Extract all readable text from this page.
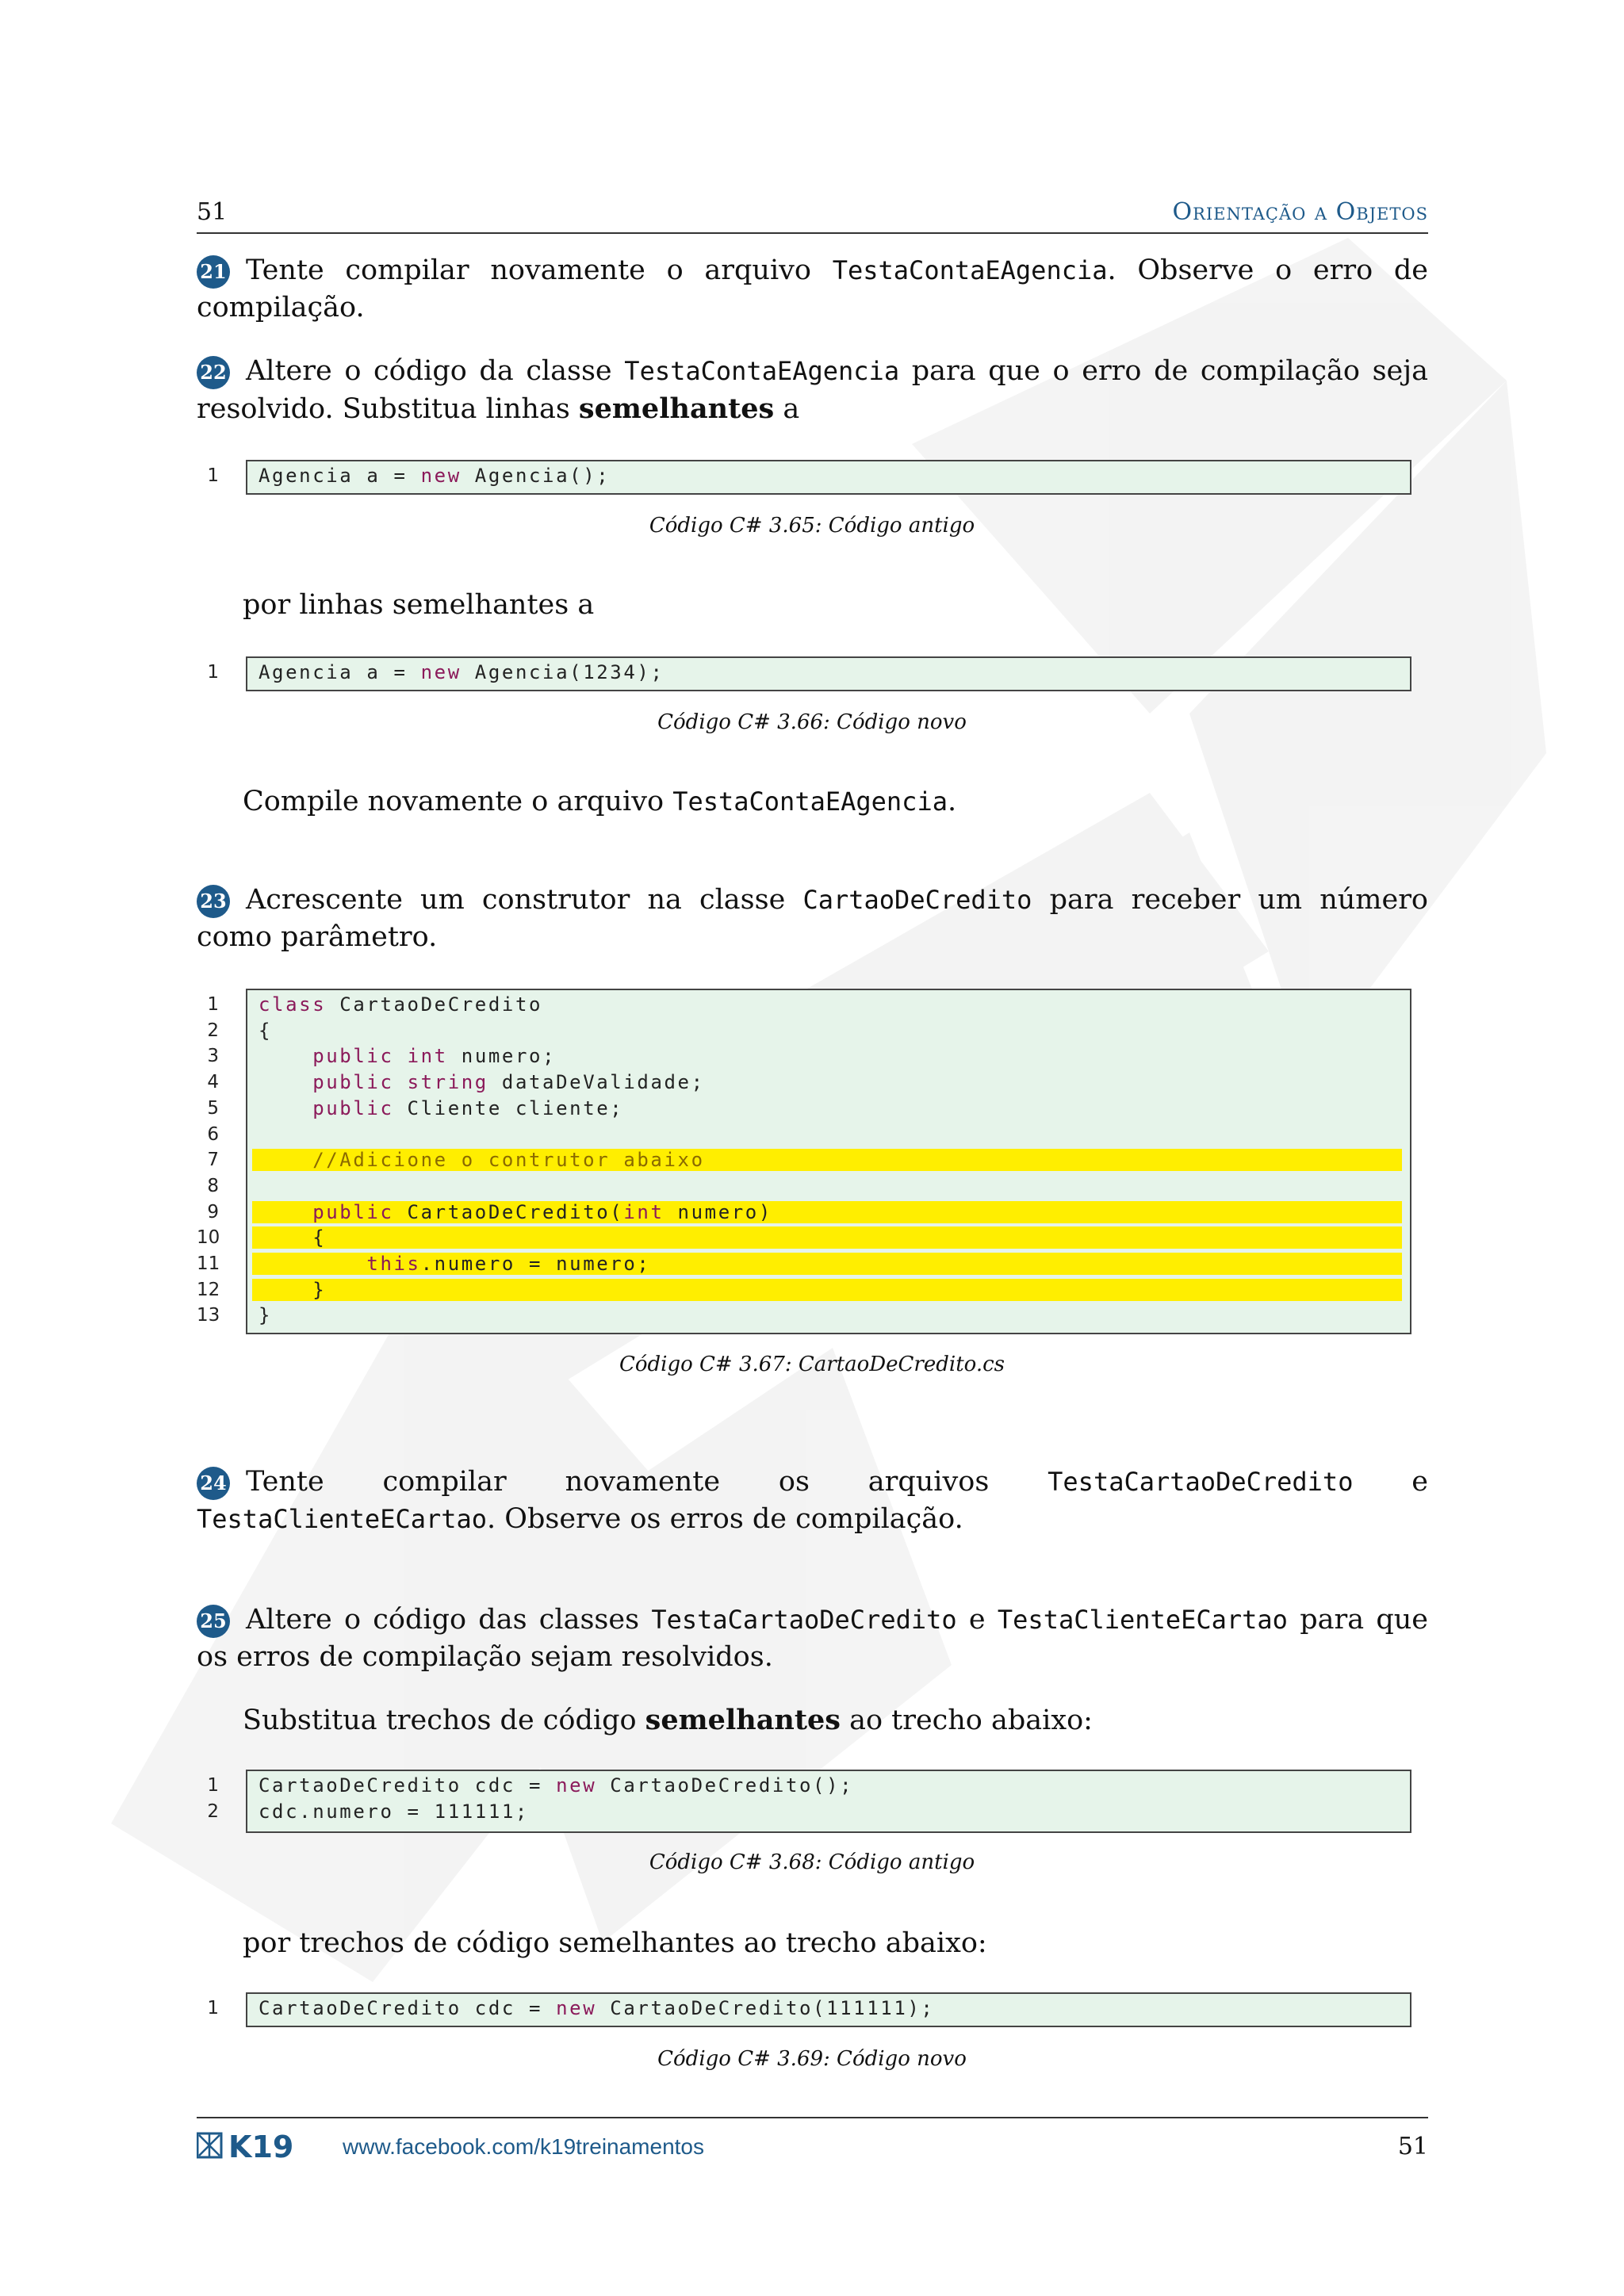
51	Orientação a Objetos
21 Tente compilar novamente o arquivo TestaContaEAgencia. Observe o erro de compilação.
22 Altere o código da classe TestaContaEAgencia para que o erro de compilação seja resolvido. Substitua linhas semelhantes a
1 Agencia a = new Agencia();
Código C# 3.65: Código antigo
por linhas semelhantes a
1 Agencia a = new Agencia(1234);
Código C# 3.66: Código novo
Compile novamente o arquivo TestaContaEAgencia.
23 Acrescente um construtor na classe CartaoDeCredito para receber um número como parâmetro.
1 class CartaoDeCredito
2 {
3	public int numero;
4	public string dataDeValidade;
5	public Cliente cliente;
6
7	//Adicione o contrutor abaixo
8
9	public CartaoDeCredito(int numero)
10 {
11	this.numero = numero;
12 }
13 }
Código C# 3.67: CartaoDeCredito.cs
24 Tente compilar novamente os arquivos TestaCartaoDeCredito e TestaClienteECartao. Observe os erros de compilação.
25 Altere o código das classes TestaCartaoDeCredito e TestaClienteECartao para que os erros de compilação sejam resolvidos.
Substitua trechos de código semelhantes ao trecho abaixo:
1 CartaoDeCredito cdc = new CartaoDeCredito();
2 cdc.numero = 111111;
Código C# 3.68: Código antigo
por trechos de código semelhantes ao trecho abaixo:
1 CartaoDeCredito cdc = new CartaoDeCredito(111111);
Código C# 3.69: Código novo
K19 www.facebook.com/k19treinamentos	51
